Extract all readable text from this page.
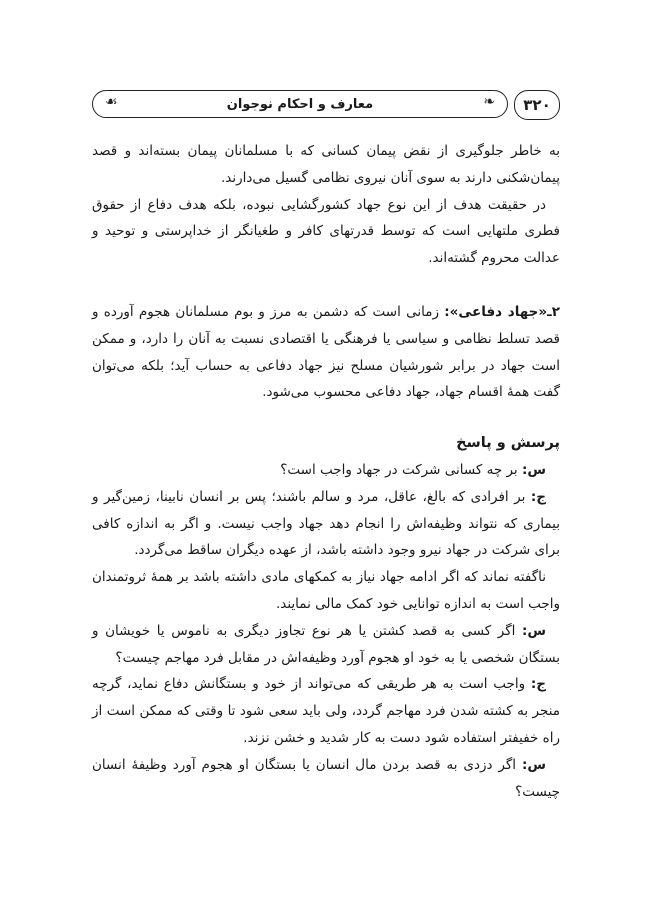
۳۲۰
❧
معارف و احکام نوجوان
☙

به خاطر جلوگیری از نقض پیمان کسانی که با مسلمانان پیمان بسته‌اند و قصد پیمان‌شکنی دارند به سوی آنان نیروی نظامی گسیل می‌دارند.

در حقیقت هدف از این نوع جهاد کشورگشایی نبوده، بلکه هدف دفاع از حقوق فطری ملتهایی است که توسط قدرتهای کافر و طغیانگر از خداپرستی و توحید و عدالت محروم گشته‌اند.

۲ـ«جهاد دفاعی»: زمانی است که دشمن به مرز و بوم مسلمانان هجوم آورده و قصد تسلط نظامی و سیاسی یا فرهنگی یا اقتصادی نسبت به آنان را دارد، و ممکن است جهاد در برابر شورشیان مسلح نیز جهاد دفاعی به حساب آید؛ بلکه می‌توان گفت همهٔ اقسام جهاد، جهاد دفاعی محسوب می‌شود.

پرسش و پاسخ

س: بر چه کسانی شرکت در جهاد واجب است؟

ج: بر افرادی که بالغ، عاقل، مرد و سالم باشند؛ پس بر انسان نابینا، زمین‌گیر و بیماری که نتواند وظیفه‌اش را انجام دهد جهاد واجب نیست. و اگر به اندازه کافی برای شرکت در جهاد نیرو وجود داشته باشد، از عهده دیگران ساقط می‌گردد.

ناگفته نماند که اگر ادامه جهاد نیاز به کمکهای مادی داشته باشد بر همهٔ ثروتمندان واجب است به اندازه توانایی خود کمک مالی نمایند.

س: اگر کسی به قصد کشتن یا هر نوع تجاوز دیگری به ناموس یا خویشان و بستگان شخصی یا به خود او هجوم آورد وظیفه‌اش در مقابل فرد مهاجم چیست؟

ج: واجب است به هر طریقی که می‌تواند از خود و بستگانش دفاع نماید، گرچه منجر به کشته شدن فرد مهاجم گردد، ولی باید سعی شود تا وقتی که ممکن است از راه خفیفتر استفاده شود دست به کار شدید و خشن نزند.

س: اگر دزدی به قصد بردن مال انسان یا بستگان او هجوم آورد وظیفهٔ انسان چیست؟
